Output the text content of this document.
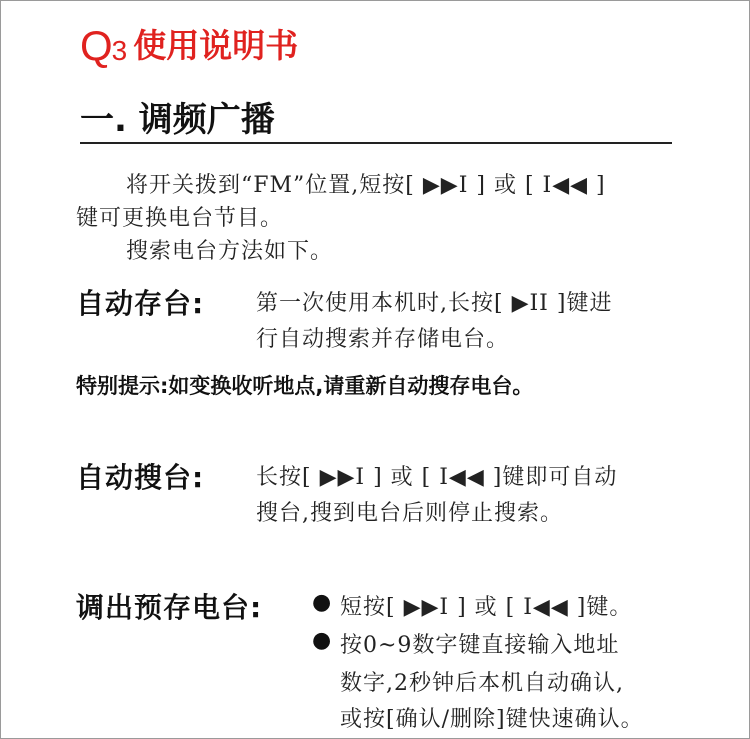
Q3 使用说明书
一. 调频广播
将开关拨到“FM”位置,短按[ ▶▶I ] 或 [ I◀◀ ]
键可更换电台节目。
搜索电台方法如下。
自动存台: 第一次使用本机时,长按[ ▶II ]键进
行自动搜索并存储电台。
特别提示:如变换收听地点,请重新自动搜存电台。
自动搜台: 长按[ ▶▶I ] 或 [ I◀◀ ]键即可自动
搜台,搜到电台后则停止搜索。
调出预存电台: ● 短按[ ▶▶I ] 或 [ I◀◀ ]键。
● 按0~9数字键直接输入地址
数字,2秒钟后本机自动确认,
或按[确认/删除]键快速确认。
